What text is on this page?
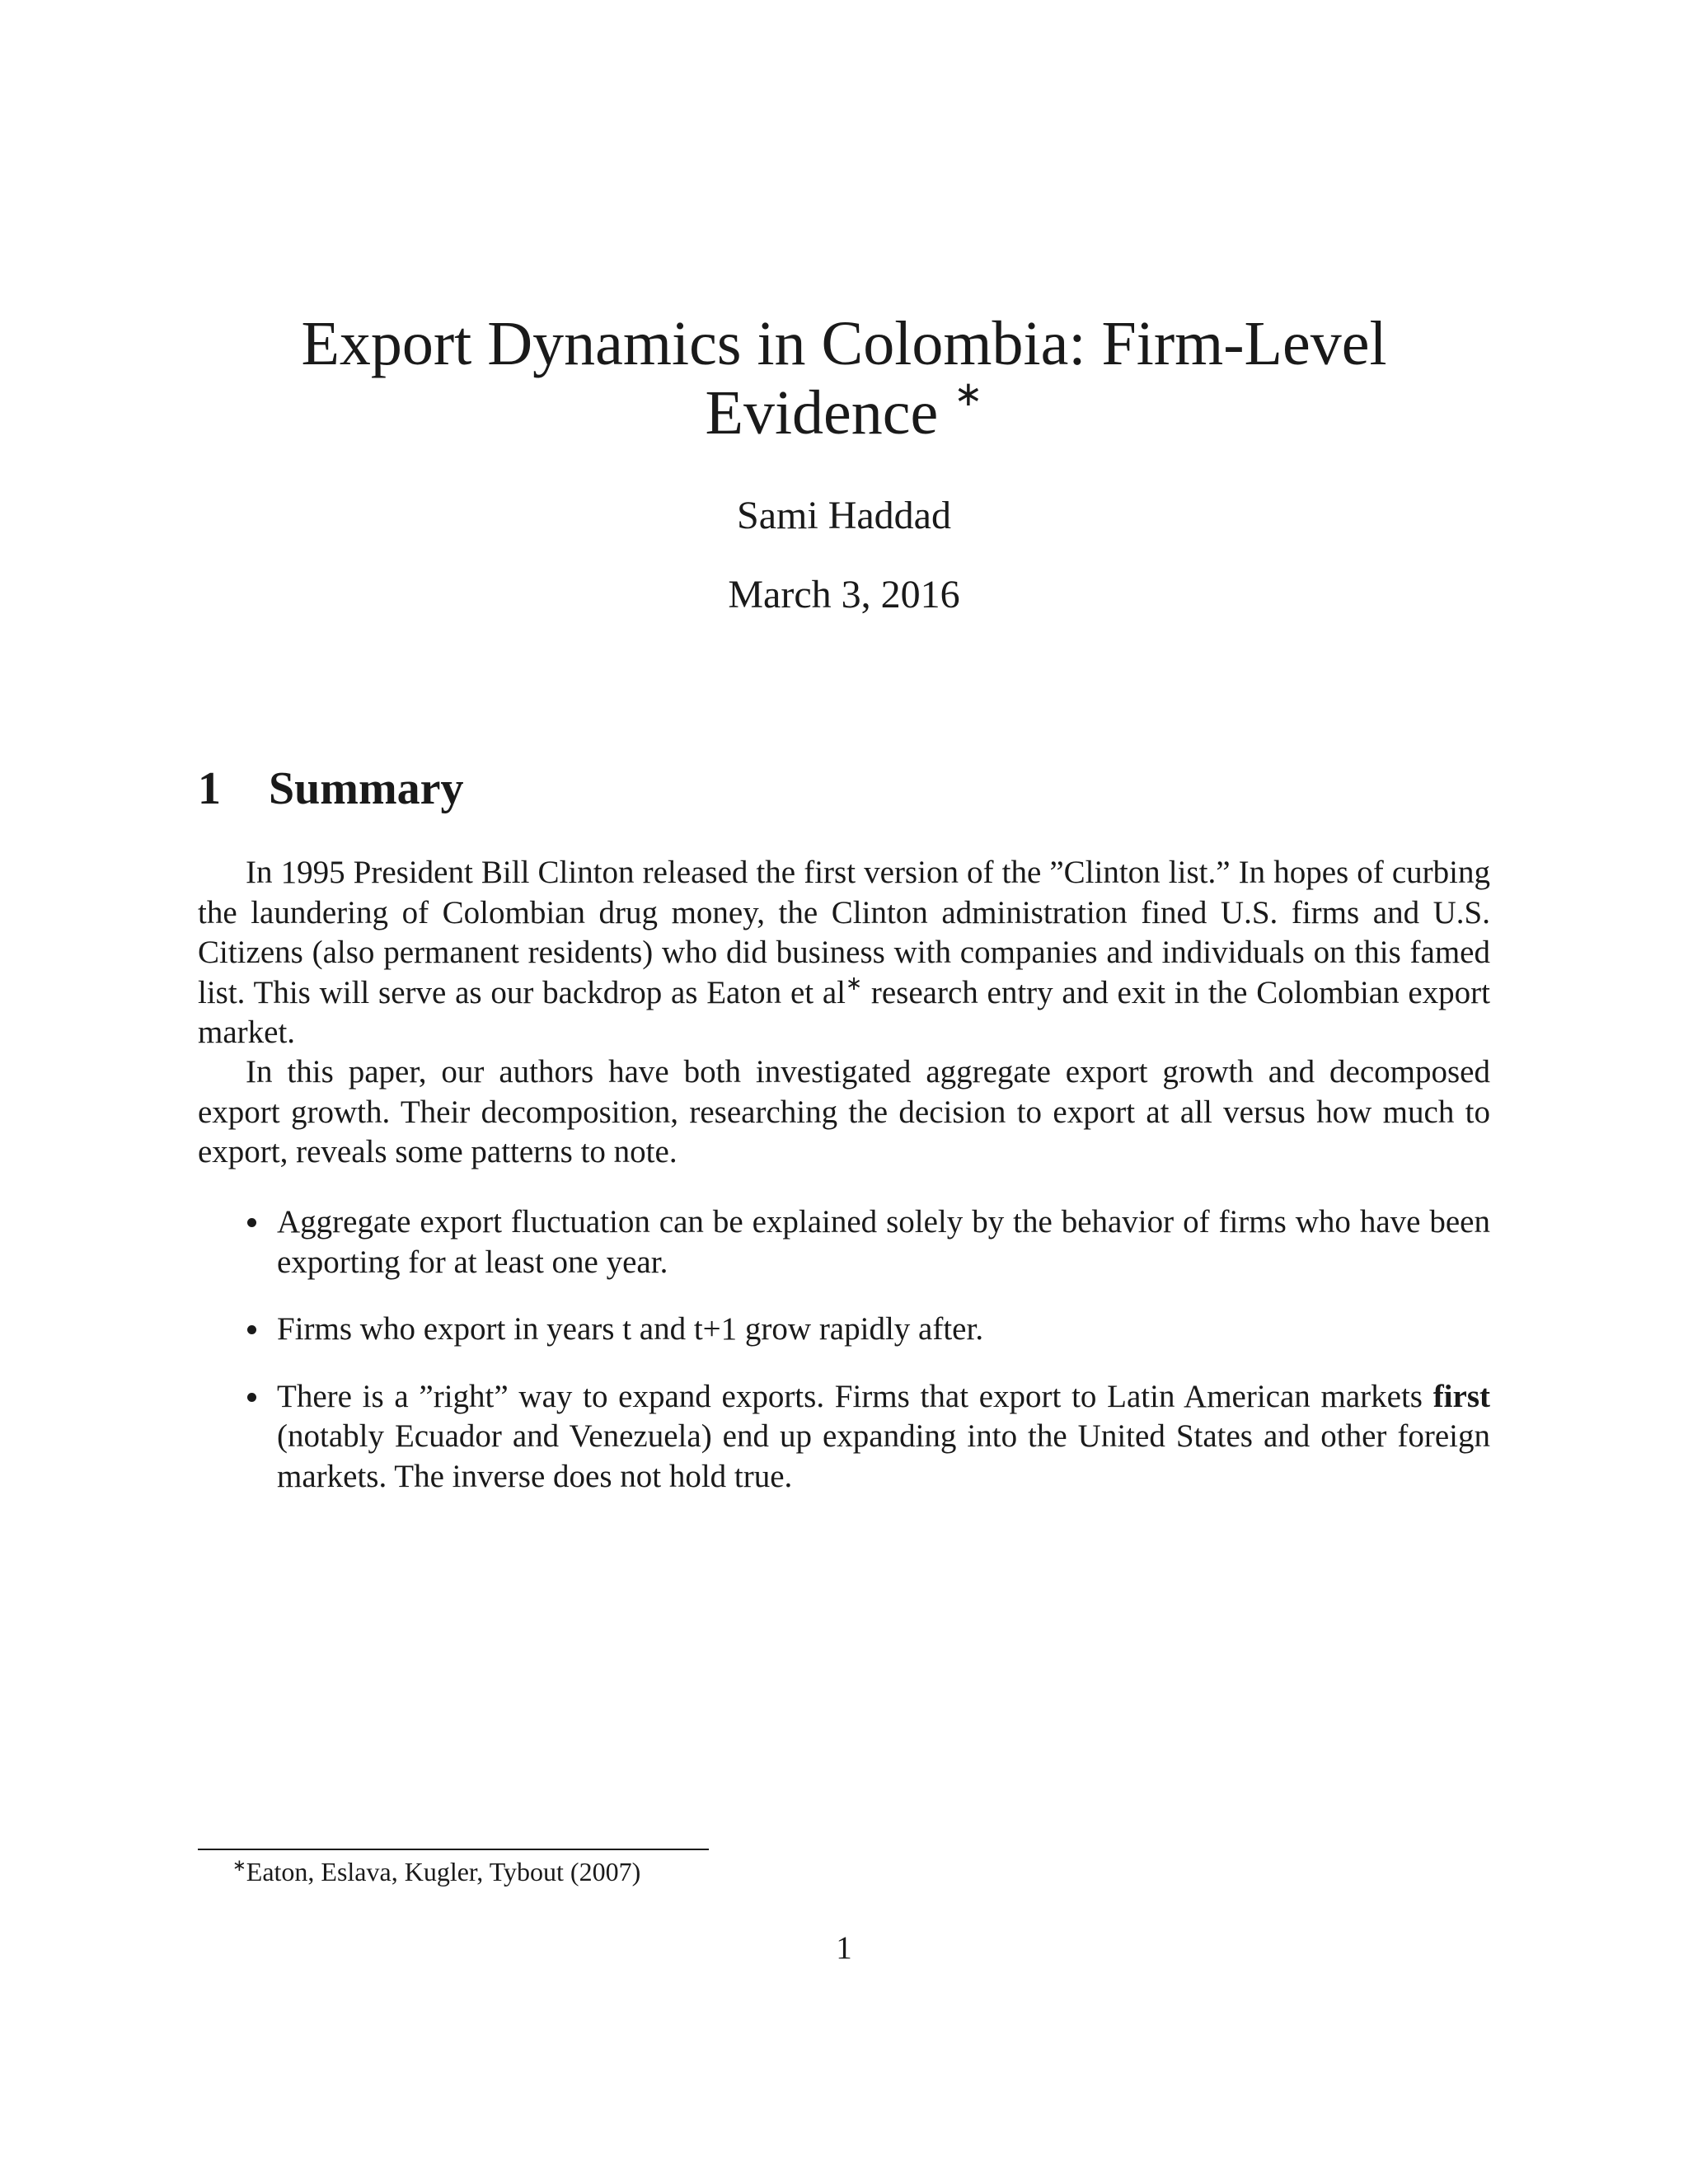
Export Dynamics in Colombia: Firm-Level
Evidence ∗
Sami Haddad
March 3, 2016
1 Summary

In 1995 President Bill Clinton released the first version of the ”Clinton list.” In hopes of curbing the laundering of Colombian drug money, the Clinton administration fined U.S. firms and U.S. Citizens (also permanent residents) who did business with companies and individuals on this famed list. This will serve as our backdrop as Eaton et al∗ research entry and exit in the Colombian export market.

In this paper, our authors have both investigated aggregate export growth and decomposed export growth. Their decomposition, researching the decision to export at all versus how much to export, reveals some patterns to note.

Aggregate export fluctuation can be explained solely by the behavior of firms who have been exporting for at least one year.
Firms who export in years t and t+1 grow rapidly after.
There is a ”right” way to expand exports. Firms that export to Latin American markets first (notably Ecuador and Venezuela) end up expanding into the United States and other foreign markets. The inverse does not hold true.
∗Eaton, Eslava, Kugler, Tybout (2007)
1
